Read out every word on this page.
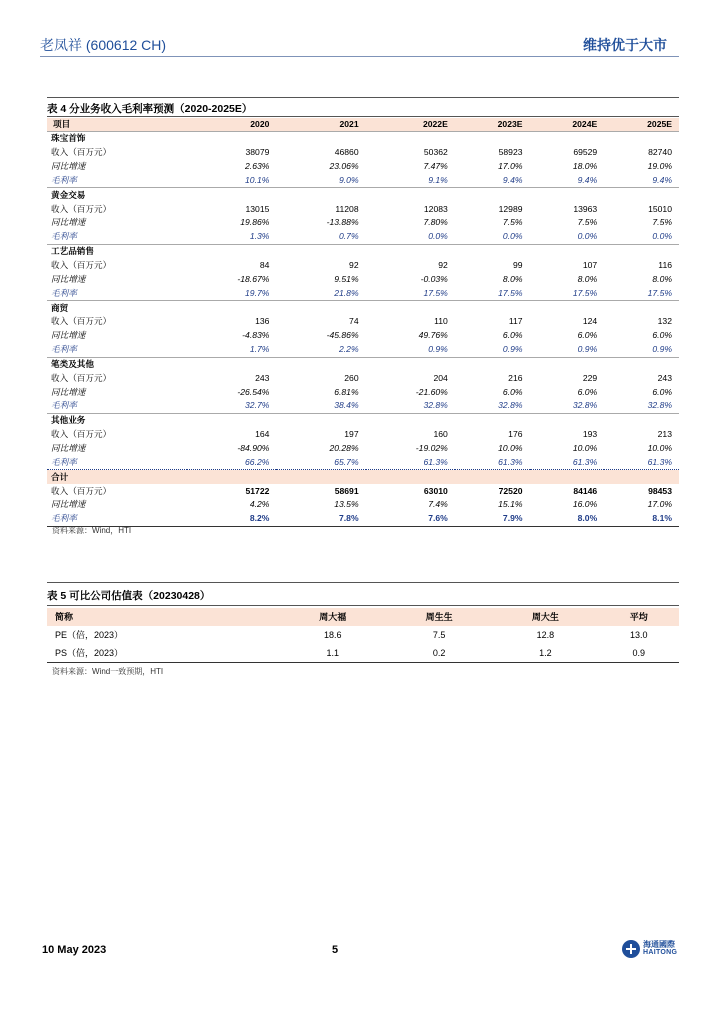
老凤祥 (600612 CH)	维持优于大市
表 4 分业务收入毛利率预测（2020-2025E）
项目	2020	2021	2022E	2023E	2024E	2025E
珠宝首饰						
收入（百万元）	38079	46860	50362	58923	69529	82740
同比增速	2.63%	23.06%	7.47%	17.0%	18.0%	19.0%
毛利率	10.1%	9.0%	9.1%	9.4%	9.4%	9.4%
黄金交易						
收入（百万元）	13015	11208	12083	12989	13963	15010
同比增速	19.86%	-13.88%	7.80%	7.5%	7.5%	7.5%
毛利率	1.3%	0.7%	0.0%	0.0%	0.0%	0.0%
工艺品销售						
收入（百万元）	84	92	92	99	107	116
同比增速	-18.67%	9.51%	-0.03%	8.0%	8.0%	8.0%
毛利率	19.7%	21.8%	17.5%	17.5%	17.5%	17.5%
商贸						
收入（百万元）	136	74	110	117	124	132
同比增速	-4.83%	-45.86%	49.76%	6.0%	6.0%	6.0%
毛利率	1.7%	2.2%	0.9%	0.9%	0.9%	0.9%
笔类及其他						
收入（百万元）	243	260	204	216	229	243
同比增速	-26.54%	6.81%	-21.60%	6.0%	6.0%	6.0%
毛利率	32.7%	38.4%	32.8%	32.8%	32.8%	32.8%
其他业务						
收入（百万元）	164	197	160	176	193	213
同比增速	-84.90%	20.28%	-19.02%	10.0%	10.0%	10.0%
毛利率	66.2%	65.7%	61.3%	61.3%	61.3%	61.3%
合计						
收入（百万元）	51722	58691	63010	72520	84146	98453
同比增速	4.2%	13.5%	7.4%	15.1%	16.0%	17.0%
毛利率	8.2%	7.8%	7.6%	7.9%	8.0%	8.1%
资料来源：Wind，HTI
表 5 可比公司估值表（20230428）
简称	周大福	周生生	周大生	平均
PE（倍，2023）	18.6	7.5	12.8	13.0
PS（倍，2023）	1.1	0.2	1.2	0.9
资料来源：Wind一致预期，HTI
10 May 2023	5	海通國際
HAITONG
